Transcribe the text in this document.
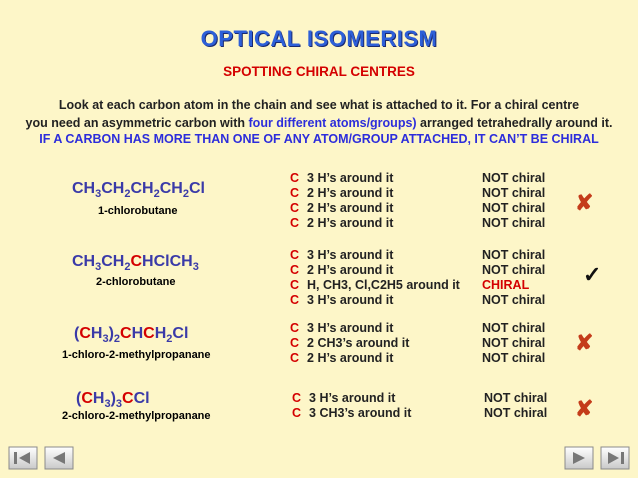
OPTICAL ISOMERISM
SPOTTING CHIRAL CENTRES
Look at each carbon atom in the chain and see what is attached to it. For a chiral centre
you need an asymmetric carbon with four different atoms/groups) arranged tetrahedrally around it.
IF A CARBON HAS MORE THAN ONE OF ANY ATOM/GROUP ATTACHED, IT CAN’T BE CHIRAL
$CH_3CH_2CH_2CH_2Cl$
1-chlorobutane
C 3 H’s around it
C 2 H’s around it
C 2 H’s around it
C 2 H’s around it
NOT chiral
NOT chiral
NOT chiral
NOT chiral
✘
$CH_3CH_2CHClCH_3$
2-chlorobutane
C 3 H’s around it
C 2 H’s around it
C H, CH3, Cl,C2H5 around it
C 3 H’s around it
NOT chiral
NOT chiral
CHIRAL
NOT chiral
✓
$(CH_3)_2CHCH_2Cl$
1-chloro-2-methylpropanane
C 3 H’s around it
C 2 CH3’s around it
C 2 H’s around it
NOT chiral
NOT chiral
NOT chiral
✘
$(CH_3)_3CCl$
2-chloro-2-methylpropanane
C 3 H’s around it
C 3 CH3’s around it
NOT chiral
NOT chiral ✘
